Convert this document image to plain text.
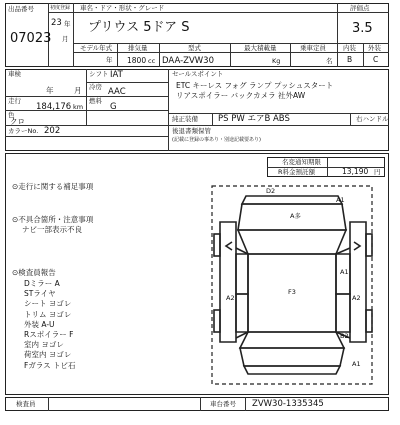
出品番号
07023
初度登録
23 年
月
車名・ドア・形状・グレード
プリウス 5ドア S
モデル年式
年
排気量
1800 cc
型式
DAA-ZVW30
最大積載量
Kg
乗車定員
名
評価点
3.5
内装 外装
B	C
車検
年	月
シフト IAT
冷房 AAC
走行
184,176 km
燃料
G
色
クロ
カラーNo. 202	後退書類保管
(記載に登録の事あり・別途記載要あり)
セールスポイント
ETC キーレス フォグ ランプ プッシュスタート
リアスポイラー バックカメラ 社外AW
純正装備 PS PW エアB ABS	右ハンドル
名変通知期限
R料金預託額	13,190 円
⊙走行に関する補足事項
⊙不具合箇所・注意事項
ナビ一部表示不良
⊙検査員報告
Dミラー A
STライヤ
シート ヨゴレ
トリム ヨゴレ
外装 A-U
Rスポイラー F
室内 ヨゴレ
荷室内 ヨゴレ
Fガラス トビ石
D2
A1
A多
A1
A2
F3
A2
B2
A1
検査員	車台番号 ZVW30-1335345
